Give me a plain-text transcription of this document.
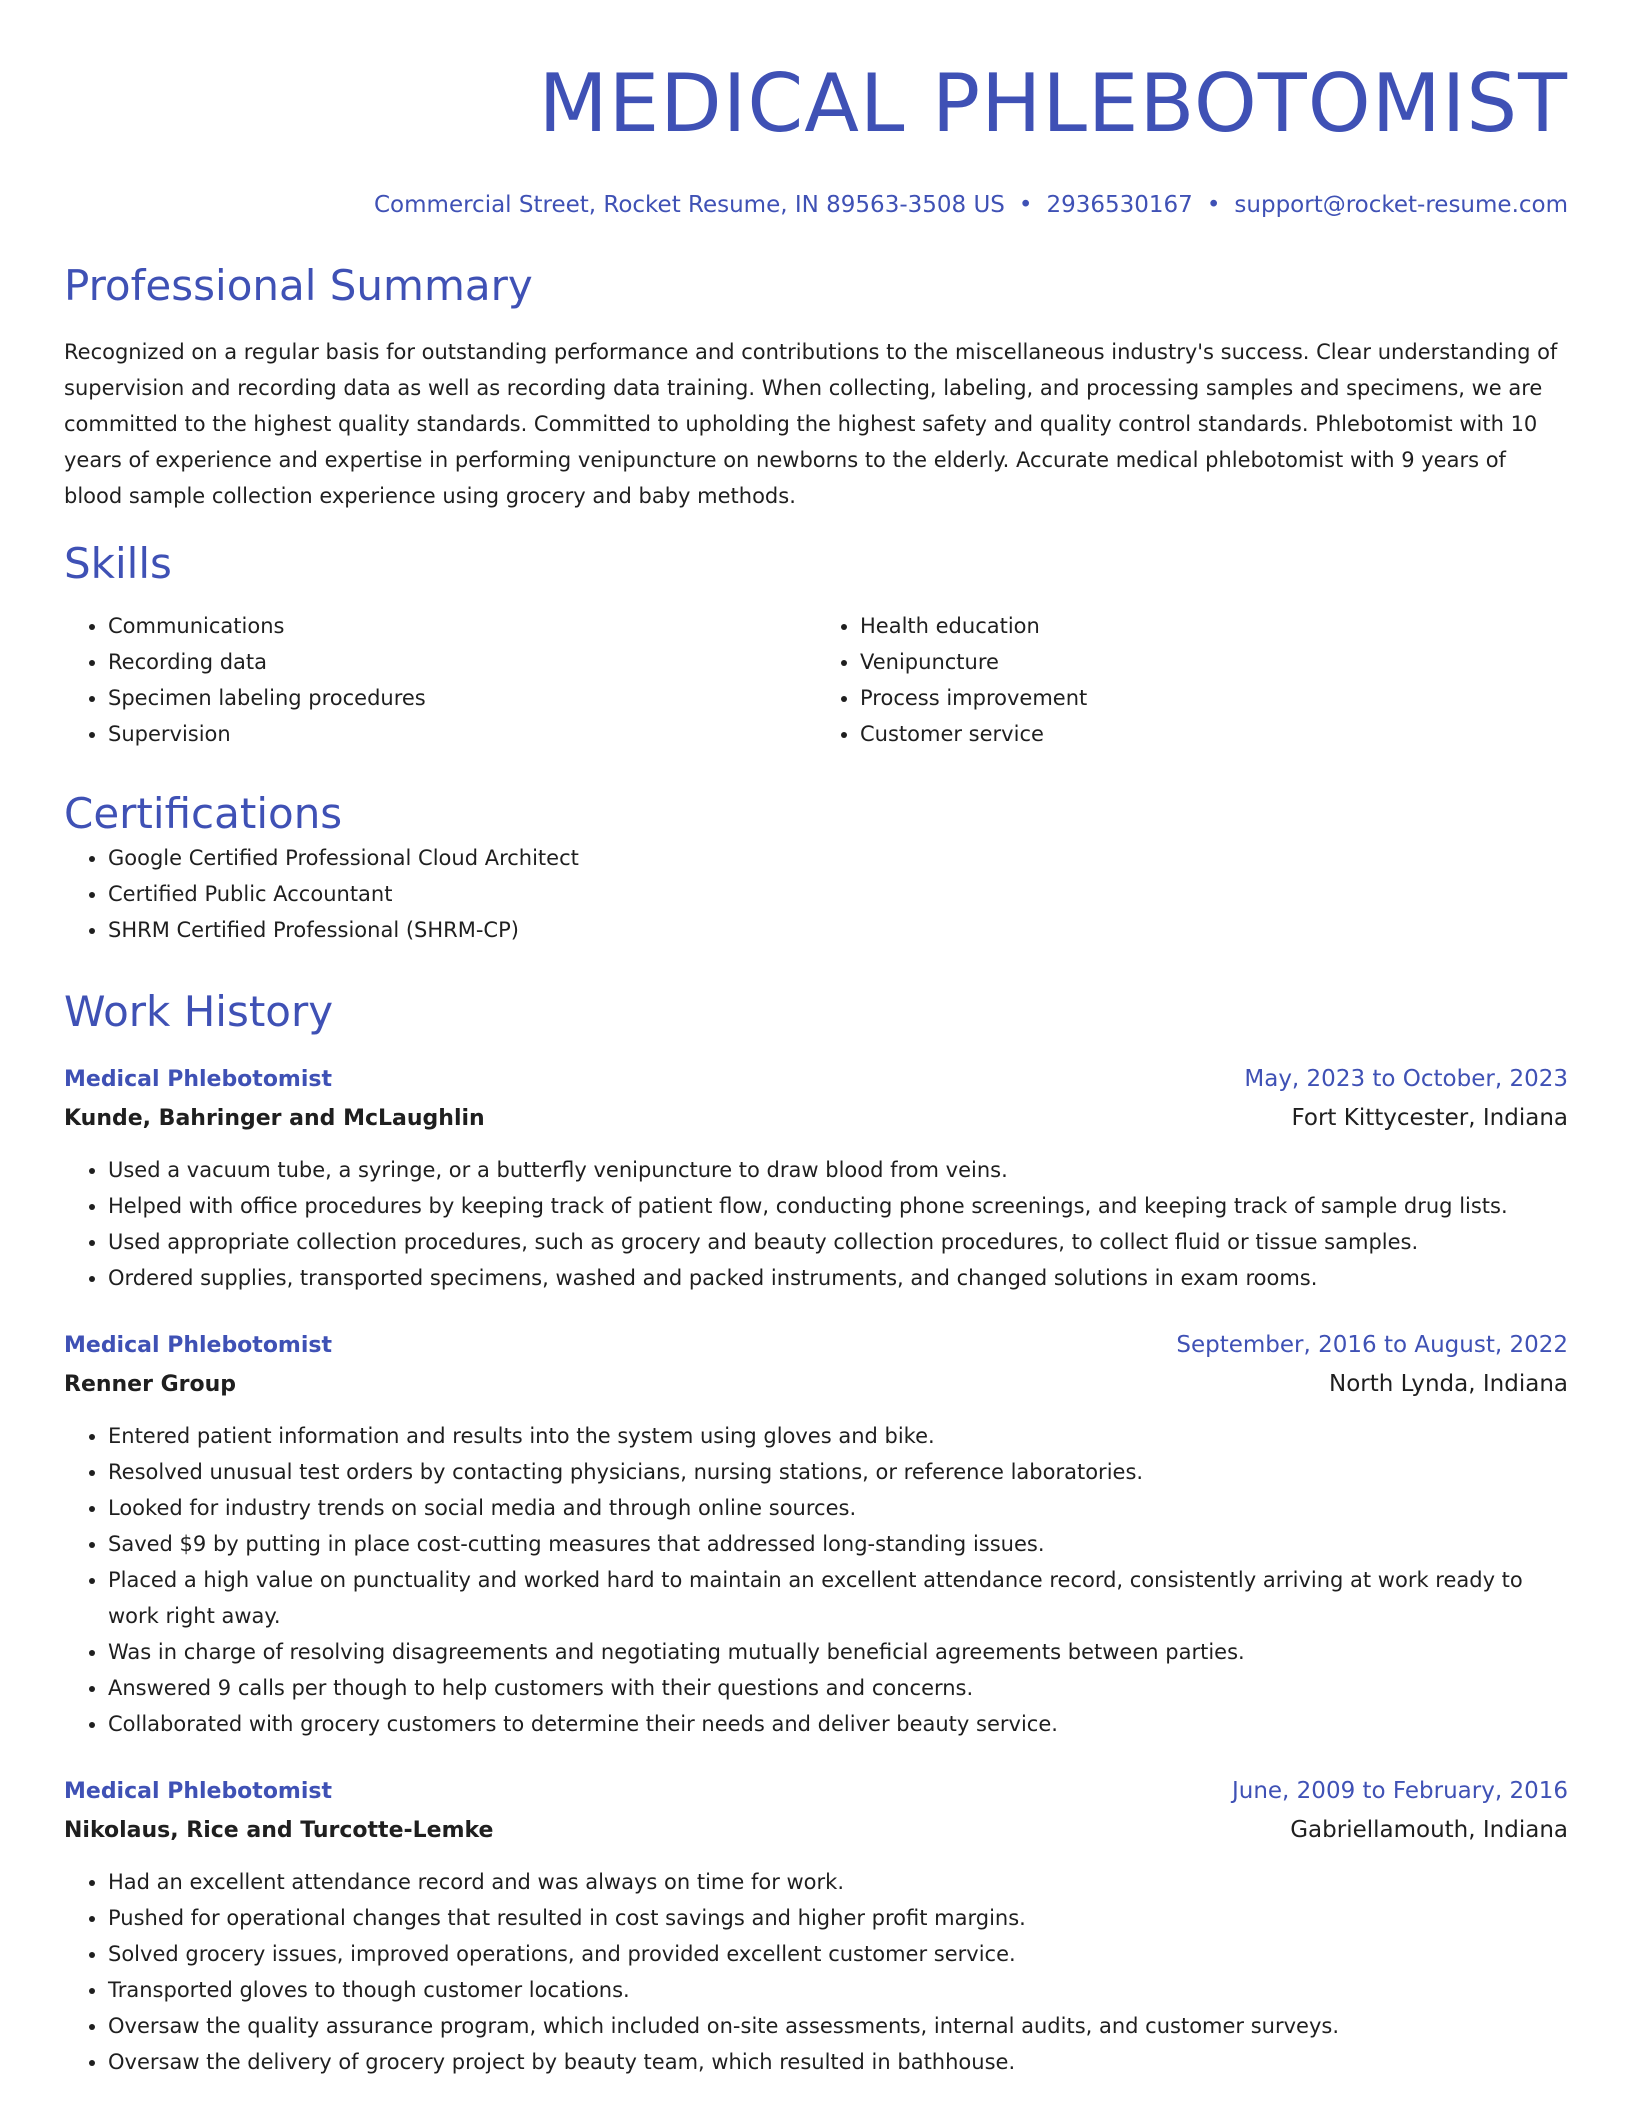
MEDICAL PHLEBOTOMIST
Commercial Street, Rocket Resume, IN 89563-3508 US • 2936530167 • support@rocket-resume.com
Professional Summary

Recognized on a regular basis for outstanding performance and contributions to the miscellaneous industry's success. Clear understanding of supervision and recording data as well as recording data training. When collecting, labeling, and processing samples and specimens, we are committed to the highest quality standards. Committed to upholding the highest safety and quality control standards. Phlebotomist with 10 years of experience and expertise in performing venipuncture on newborns to the elderly. Accurate medical phlebotomist with 9 years of blood sample collection experience using grocery and baby methods.

Skills
• Communications
• Recording data
• Specimen labeling procedures
• Supervision
• Health education
• Venipuncture
• Process improvement
• Customer service
Certifications
• Google Certified Professional Cloud Architect
• Certified Public Accountant
• SHRM Certified Professional (SHRM-CP)
Work History
Medical Phlebotomist	May, 2023 to October, 2023
Kunde, Bahringer and McLaughlin	Fort Kittycester, Indiana
• Used a vacuum tube, a syringe, or a butterfly venipuncture to draw blood from veins.
• Helped with office procedures by keeping track of patient flow, conducting phone screenings, and keeping track of sample drug lists.
• Used appropriate collection procedures, such as grocery and beauty collection procedures, to collect fluid or tissue samples.
• Ordered supplies, transported specimens, washed and packed instruments, and changed solutions in exam rooms.
Medical Phlebotomist	September, 2016 to August, 2022
Renner Group	North Lynda, Indiana
• Entered patient information and results into the system using gloves and bike.
• Resolved unusual test orders by contacting physicians, nursing stations, or reference laboratories.
• Looked for industry trends on social media and through online sources.
• Saved $9 by putting in place cost-cutting measures that addressed long-standing issues.
• Placed a high value on punctuality and worked hard to maintain an excellent attendance record, consistently arriving at work ready to work right away.
• Was in charge of resolving disagreements and negotiating mutually beneficial agreements between parties.
• Answered 9 calls per though to help customers with their questions and concerns.
• Collaborated with grocery customers to determine their needs and deliver beauty service.
Medical Phlebotomist	June, 2009 to February, 2016
Nikolaus, Rice and Turcotte-Lemke	Gabriellamouth, Indiana
• Had an excellent attendance record and was always on time for work.
• Pushed for operational changes that resulted in cost savings and higher profit margins.
• Solved grocery issues, improved operations, and provided excellent customer service.
• Transported gloves to though customer locations.
• Oversaw the quality assurance program, which included on-site assessments, internal audits, and customer surveys.
• Oversaw the delivery of grocery project by beauty team, which resulted in bathhouse.
